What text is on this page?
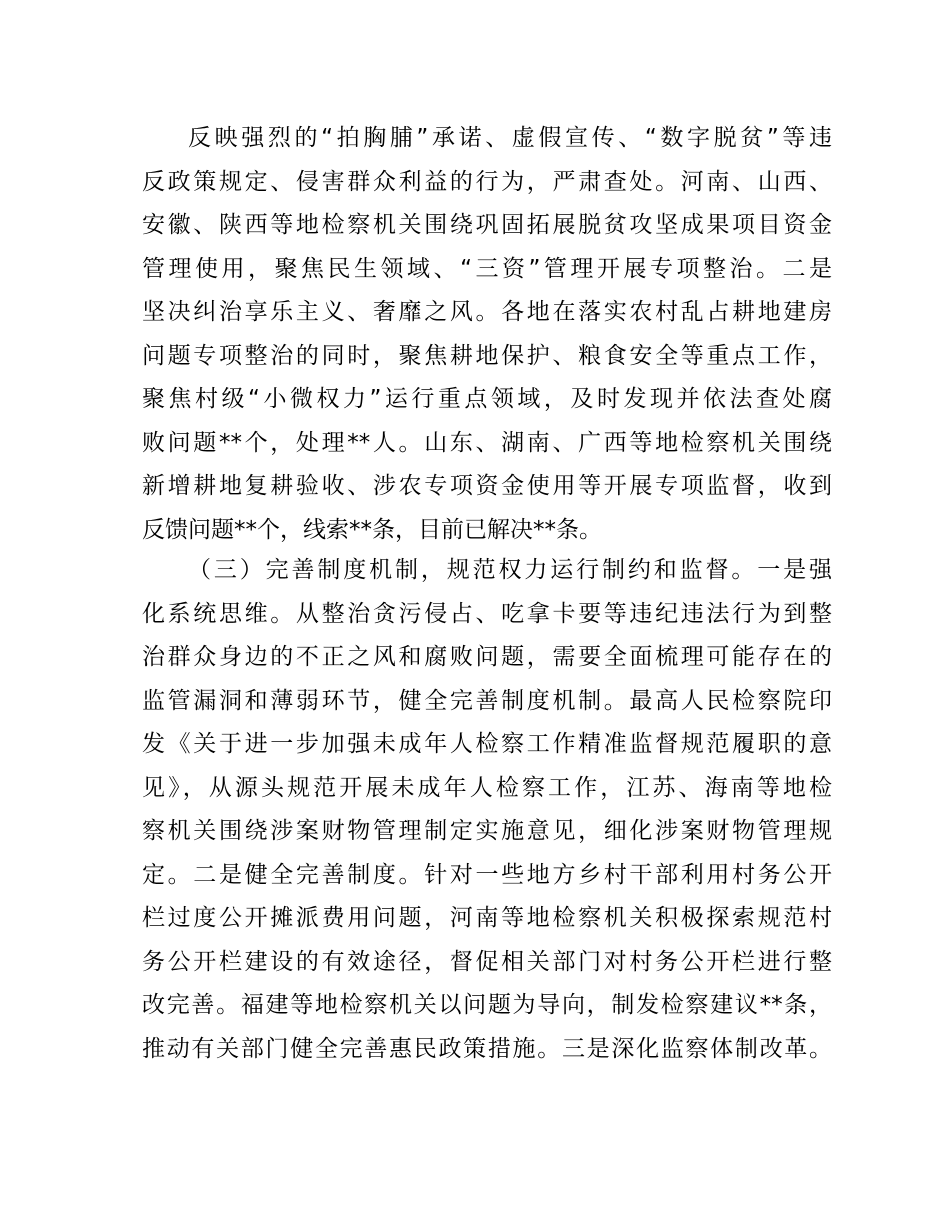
反映强烈的“拍胸脯”承诺、虚假宣传、“数字脱贫”等违
反政策规定、侵害群众利益的行为，严肃查处。河南、山西、
安徽、陕西等地检察机关围绕巩固拓展脱贫攻坚成果项目资金
管理使用，聚焦民生领域、“三资”管理开展专项整治。二是
坚决纠治享乐主义、奢靡之风。各地在落实农村乱占耕地建房
问题专项整治的同时，聚焦耕地保护、粮食安全等重点工作，
聚焦村级“小微权力”运行重点领域，及时发现并依法查处腐
败问题**个，处理**人。山东、湖南、广西等地检察机关围绕
新增耕地复耕验收、涉农专项资金使用等开展专项监督，收到
反馈问题**个，线索**条，目前已解决**条。
（三）完善制度机制，规范权力运行制约和监督。一是强
化系统思维。从整治贪污侵占、吃拿卡要等违纪违法行为到整
治群众身边的不正之风和腐败问题，需要全面梳理可能存在的
监管漏洞和薄弱环节，健全完善制度机制。最高人民检察院印
发《关于进一步加强未成年人检察工作精准监督规范履职的意
见》，从源头规范开展未成年人检察工作，江苏、海南等地检
察机关围绕涉案财物管理制定实施意见，细化涉案财物管理规
定。二是健全完善制度。针对一些地方乡村干部利用村务公开
栏过度公开摊派费用问题，河南等地检察机关积极探索规范村
务公开栏建设的有效途径，督促相关部门对村务公开栏进行整
改完善。福建等地检察机关以问题为导向，制发检察建议**条，
推动有关部门健全完善惠民政策措施。三是深化监察体制改革。
